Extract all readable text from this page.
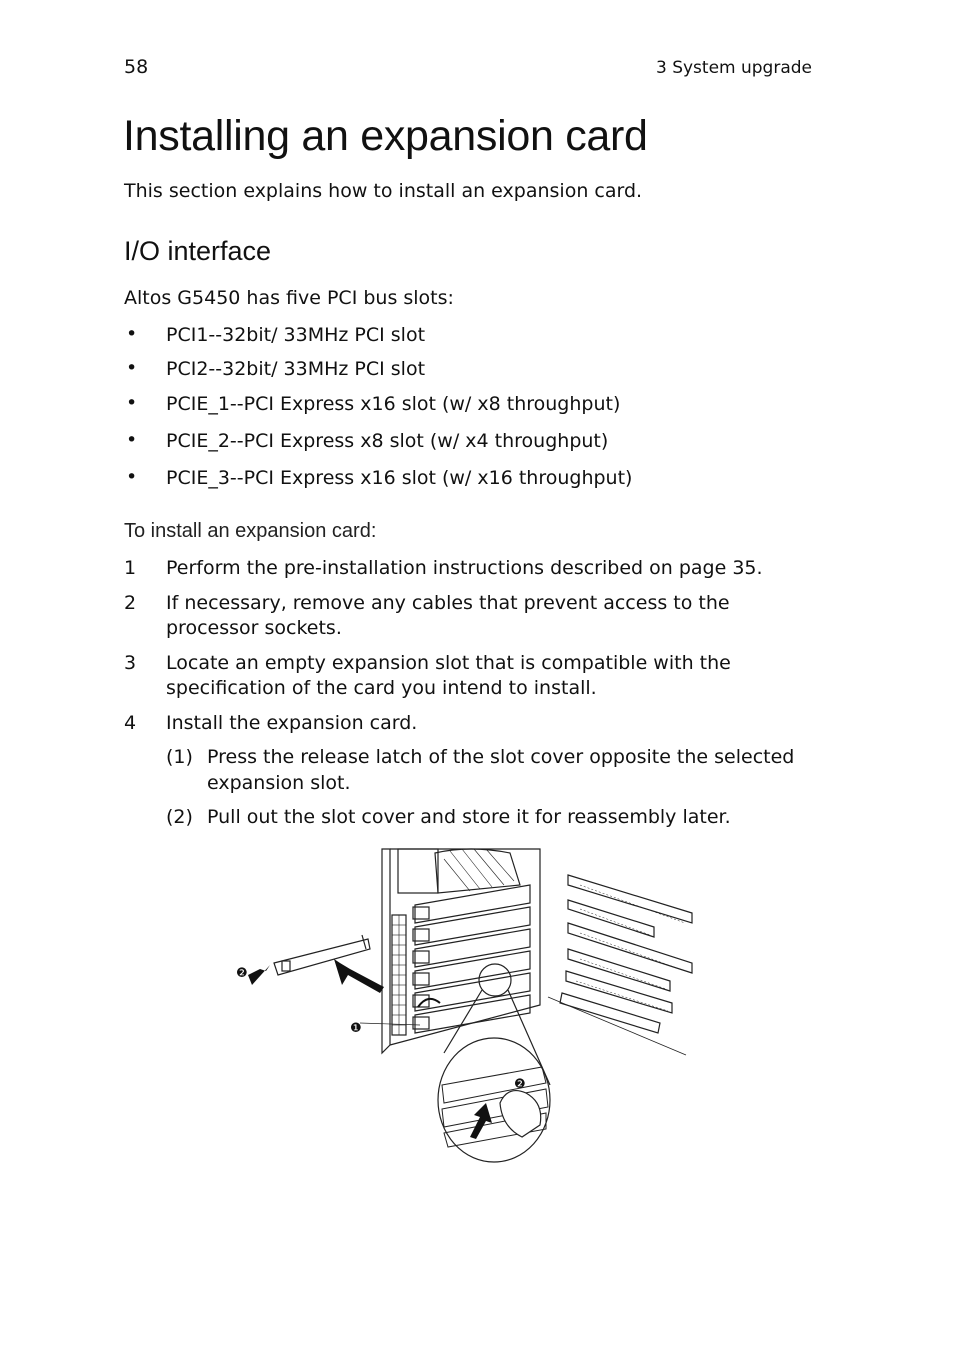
58	3 System upgrade
Installing an expansion card
This section explains how to install an expansion card.
I/O interface
Altos G5450 has five PCI bus slots:
• PCI1--32bit/ 33MHz PCI slot
• PCI2--32bit/ 33MHz PCI slot
• PCIE_1--PCI Express x16 slot (w/ x8 throughput)
• PCIE_2--PCI Express x8 slot (w/ x4 throughput)
• PCIE_3--PCI Express x16 slot (w/ x16 throughput)
To install an expansion card:
1 Perform the pre-installation instructions described on page 35.
2 If necessary, remove any cables that prevent access to the
processor sockets.
3 Locate an empty expansion slot that is compatible with the
specification of the card you intend to install.
4 Install the expansion card.
(1) Press the release latch of the slot cover opposite the selected
expansion slot.
(2) Pull out the slot cover and store it for reassembly later.
❷
❶
❷
